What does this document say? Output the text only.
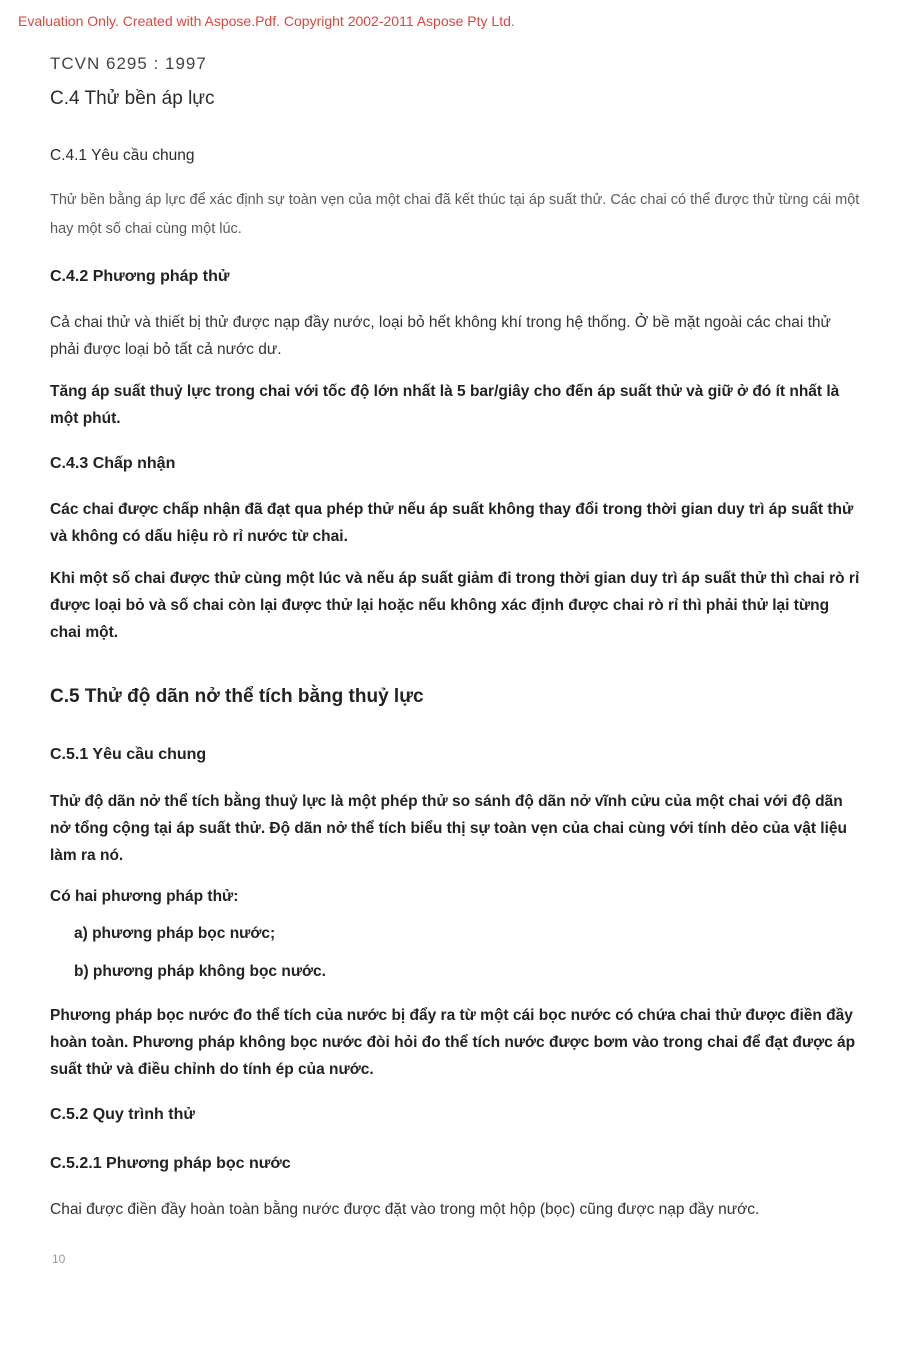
Evaluation Only. Created with Aspose.Pdf. Copyright 2002-2011 Aspose Pty Ltd.
TCVN 6295 : 1997
C.4 Thử bền áp lực
C.4.1 Yêu cầu chung

Thử bền bằng áp lực để xác định sự toàn vẹn của một chai đã kết thúc tại áp suất thử. Các chai có thể được thử từng cái một hay một số chai cùng một lúc.

C.4.2 Phương pháp thử

Cả chai thử và thiết bị thử được nạp đầy nước, loại bỏ hết không khí trong hệ thống. Ở bề mặt ngoài các chai thử phải được loại bỏ tất cả nước dư.

Tăng áp suất thuỷ lực trong chai với tốc độ lớn nhất là 5 bar/giây cho đến áp suất thử và giữ ở đó ít nhất là một phút.

C.4.3 Chấp nhận

Các chai được chấp nhận đã đạt qua phép thử nếu áp suất không thay đổi trong thời gian duy trì áp suất thử và không có dấu hiệu rò rỉ nước từ chai.

Khi một số chai được thử cùng một lúc và nếu áp suất giảm đi trong thời gian duy trì áp suất thử thì chai rò rỉ được loại bỏ và số chai còn lại được thử lại hoặc nếu không xác định được chai rò rỉ thì phải thử lại từng chai một.

C.5 Thử độ dãn nở thể tích bằng thuỷ lực
C.5.1 Yêu cầu chung

Thử độ dãn nở thể tích bằng thuỷ lực là một phép thử so sánh độ dãn nở vĩnh cửu của một chai với độ dãn nở tổng cộng tại áp suất thử. Độ dãn nở thể tích biểu thị sự toàn vẹn của chai cùng với tính dẻo của vật liệu làm ra nó.

Có hai phương pháp thử:

a) phương pháp bọc nước;
b) phương pháp không bọc nước.

Phương pháp bọc nước đo thể tích của nước bị đẩy ra từ một cái bọc nước có chứa chai thử được điền đầy hoàn toàn. Phương pháp không bọc nước đòi hỏi đo thể tích nước được bơm vào trong chai để đạt được áp suất thử và điều chỉnh do tính ép của nước.

C.5.2 Quy trình thử
C.5.2.1 Phương pháp bọc nước

Chai được điền đầy hoàn toàn bằng nước được đặt vào trong một hộp (bọc) cũng được nạp đầy nước.

10
